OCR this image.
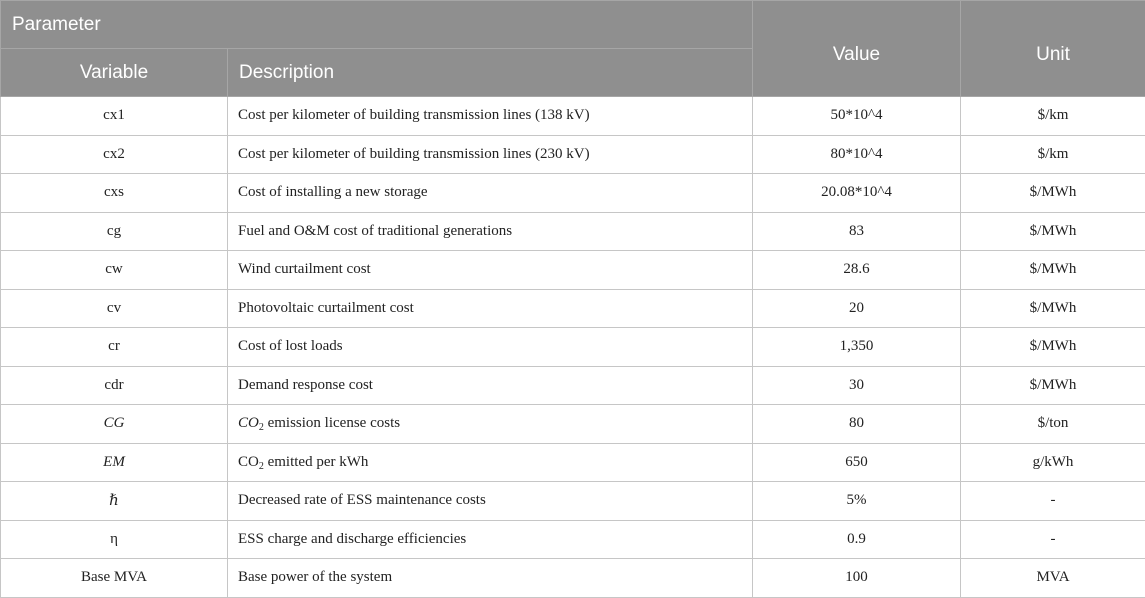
Parameter		Value	Unit
Variable	Description		
cx1	Cost per kilometer of building transmission lines (138 kV)	50*10^4	$/km
cx2	Cost per kilometer of building transmission lines (230 kV)	80*10^4	$/km
cxs	Cost of installing a new storage	20.08*10^4	$/MWh
cg	Fuel and O&M cost of traditional generations	83	$/MWh
cw	Wind curtailment cost	28.6	$/MWh
cv	Photovoltaic curtailment cost	20	$/MWh
cr	Cost of lost loads	1,350	$/MWh
cdr	Demand response cost	30	$/MWh
CG	$CO_2$ emission license costs	80	$/ton
EM	$CO_2$ emitted per kWh	650	g/kWh
ℏ	Decreased rate of ESS maintenance costs	5%	-
η	ESS charge and discharge efficiencies	0.9	-
Base MVA	Base power of the system	100	MVA
